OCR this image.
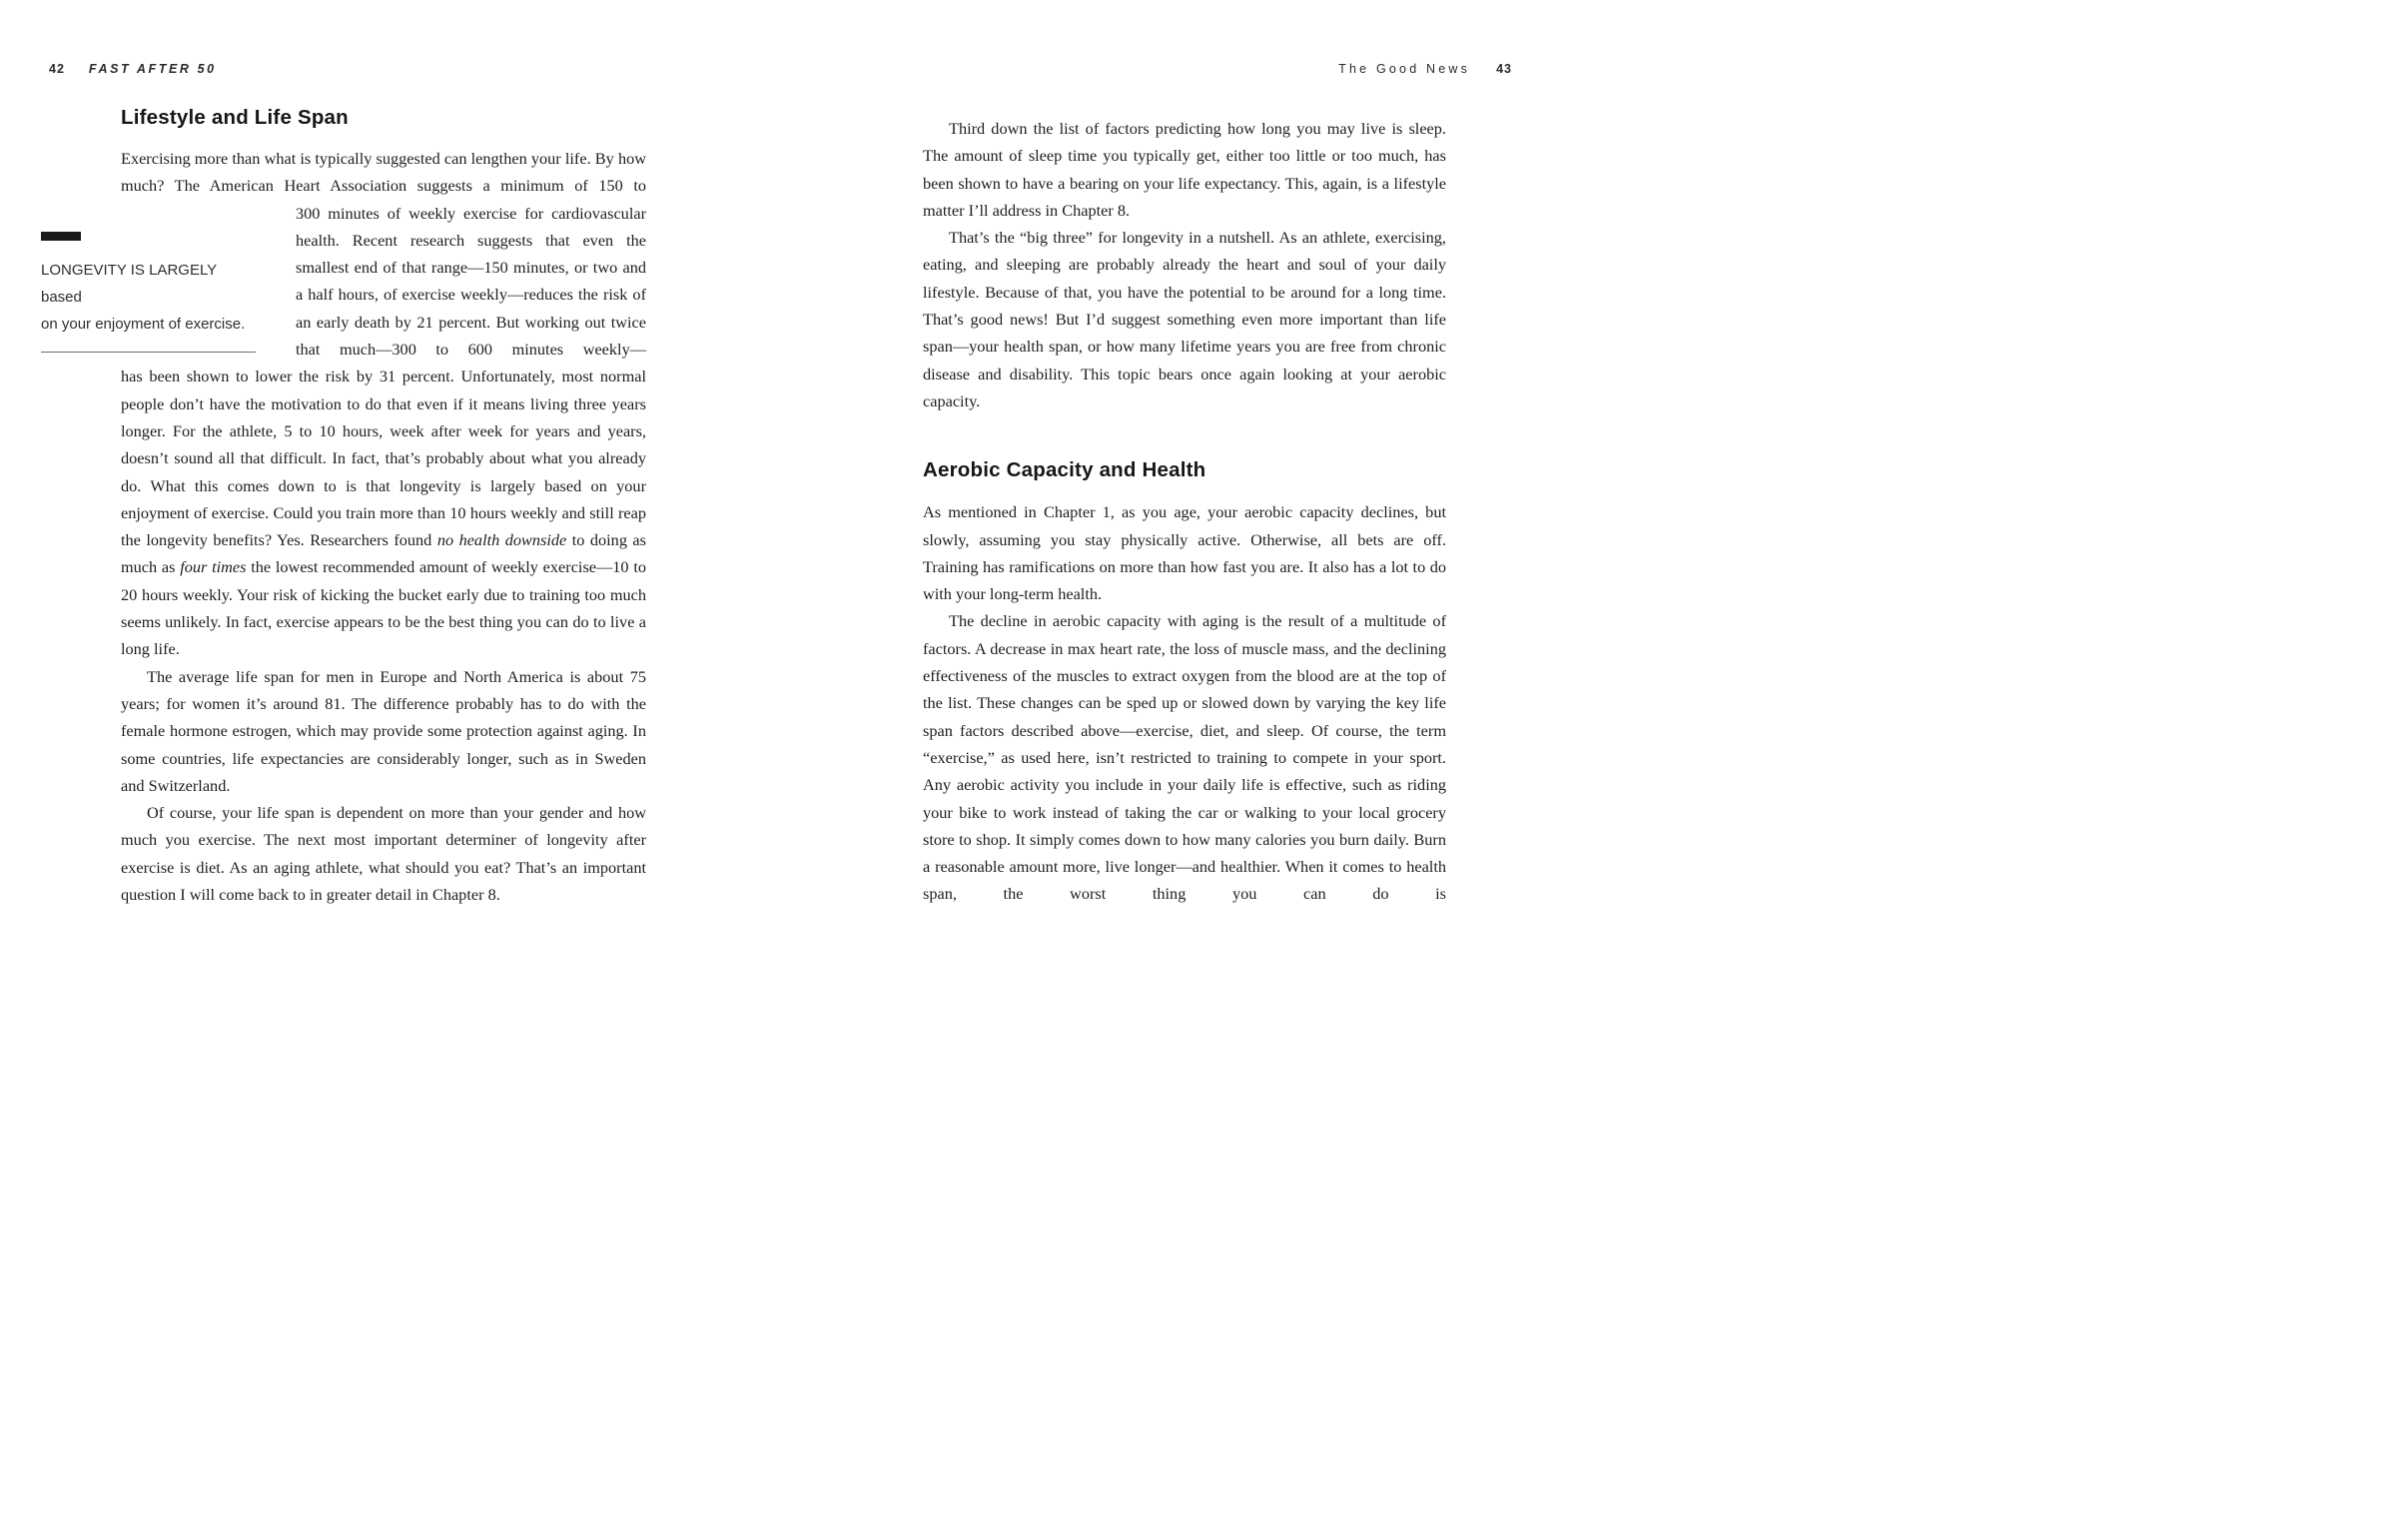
42 FAST AFTER 50	The Good News 43
LONGEVITY IS LARGELY based
on your enjoyment of exercise.
Lifestyle and Life Span

Exercising more than what is typically suggested can lengthen your life. By how much? The American Heart Association suggests a minimum of 150 to

300 minutes of weekly exercise for cardiovascular health. Recent research suggests that even the smallest end of that range—150 minutes, or two and a half hours, of exercise weekly—reduces the risk of an early death by 21 percent. But working out twice that much—300 to 600 minutes weekly—

has been shown to lower the risk by 31 percent. Unfortunately, most normal people don’t have the motivation to do that even if it means living three years longer. For the athlete, 5 to 10 hours, week after week for years and years, doesn’t sound all that difficult. In fact, that’s probably about what you already do. What this comes down to is that longevity is largely based on your enjoyment of exercise. Could you train more than 10 hours weekly and still reap the longevity benefits? Yes. Researchers found no health downside to doing as much as four times the lowest recommended amount of weekly exercise—10 to 20 hours weekly. Your risk of kicking the bucket early due to training too much seems unlikely. In fact, exercise appears to be the best thing you can do to live a long life.

The average life span for men in Europe and North America is about 75 years; for women it’s around 81. The difference probably has to do with the female hormone estrogen, which may provide some protection against aging. In some countries, life expectancies are considerably longer, such as in Sweden and Switzerland.

Of course, your life span is dependent on more than your gender and how much you exercise. The next most important determiner of longevity after exercise is diet. As an aging athlete, what should you eat? That’s an important question I will come back to in greater detail in Chapter 8.

Third down the list of factors predicting how long you may live is sleep. The amount of sleep time you typically get, either too little or too much, has been shown to have a bearing on your life expectancy. This, again, is a lifestyle matter I’ll address in Chapter 8.

That’s the “big three” for longevity in a nutshell. As an athlete, exercising, eating, and sleeping are probably already the heart and soul of your daily lifestyle. Because of that, you have the potential to be around for a long time. That’s good news! But I’d suggest something even more important than life span—your health span, or how many lifetime years you are free from chronic disease and disability. This topic bears once again looking at your aerobic capacity.

Aerobic Capacity and Health

As mentioned in Chapter 1, as you age, your aerobic capacity declines, but slowly, assuming you stay physically active. Otherwise, all bets are off. Training has ramifications on more than how fast you are. It also has a lot to do with your long-term health.

The decline in aerobic capacity with aging is the result of a multitude of factors. A decrease in max heart rate, the loss of muscle mass, and the declining effectiveness of the muscles to extract oxygen from the blood are at the top of the list. These changes can be sped up or slowed down by varying the key life span factors described above—exercise, diet, and sleep. Of course, the term “exercise,” as used here, isn’t restricted to training to compete in your sport. Any aerobic activity you include in your daily life is effective, such as riding your bike to work instead of taking the car or walking to your local grocery store to shop. It simply comes down to how many calories you burn daily. Burn a reasonable amount more, live longer—and healthier. When it comes to health span, the worst thing you can do is
